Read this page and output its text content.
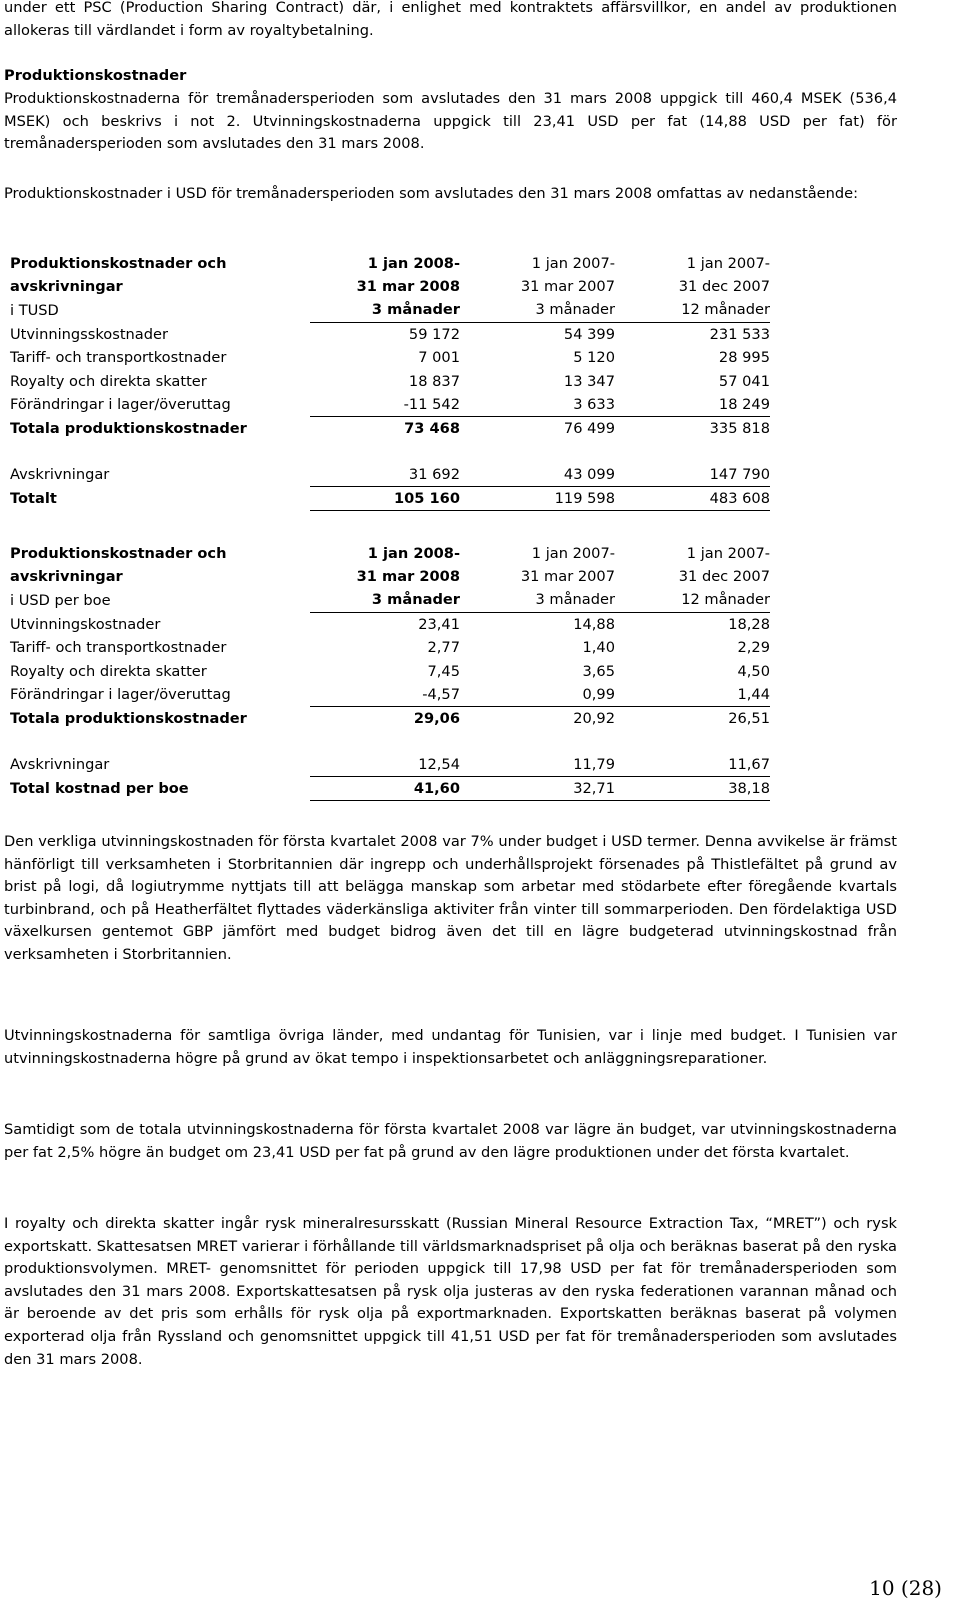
under ett PSC (Production Sharing Contract) där, i enlighet med kontraktets affärsvillkor, en andel av produktionen allokeras till värdlandet i form av royaltybetalning.

Produktionskostnader

Produktionskostnaderna för tremånadersperioden som avslutades den 31 mars 2008 uppgick till 460,4 MSEK (536,4 MSEK) och beskrivs i not 2. Utvinningskostnaderna uppgick till 23,41 USD per fat (14,88 USD per fat) för tremånadersperioden som avslutades den 31 mars 2008.

Produktionskostnader i USD för tremånadersperioden som avslutades den 31 mars 2008 omfattas av nedanstående:

Produktionskostnader och	1 jan 2008-	1 jan 2007-	1 jan 2007-
avskrivningar	31 mar 2008	31 mar 2007	31 dec 2007
i TUSD	3 månader	3 månader	12 månader
Utvinningsskostnader	59 172	54 399	231 533
Tariff- och transportkostnader	7 001	5 120	28 995
Royalty och direkta skatter	18 837	13 347	57 041
Förändringar i lager/överuttag	-11 542	3 633	18 249
Totala produktionskostnader	73 468	76 499	335 818

Avskrivningar	31 692	43 099	147 790
Totalt	105 160	119 598	483 608
Produktionskostnader och	1 jan 2008-	1 jan 2007-	1 jan 2007-
avskrivningar	31 mar 2008	31 mar 2007	31 dec 2007
i USD per boe	3 månader	3 månader	12 månader
Utvinningskostnader	23,41	14,88	18,28
Tariff- och transportkostnader	2,77	1,40	2,29
Royalty och direkta skatter	7,45	3,65	4,50
Förändringar i lager/överuttag	-4,57	0,99	1,44
Totala produktionskostnader	29,06	20,92	26,51

Avskrivningar	12,54	11,79	11,67
Total kostnad per boe	41,60	32,71	38,18

Den verkliga utvinningskostnaden för första kvartalet 2008 var 7% under budget i USD termer. Denna avvikelse är främst hänförligt till verksamheten i Storbritannien där ingrepp och underhållsprojekt försenades på Thistlefältet på grund av brist på logi, då logiutrymme nyttjats till att belägga manskap som arbetar med stödarbete efter föregående kvartals turbinbrand, och på Heatherfältet flyttades väderkänsliga aktiviter från vinter till sommarperioden. Den fördelaktiga USD växelkursen gentemot GBP jämfört med budget bidrog även det till en lägre budgeterad utvinningskostnad från verksamheten i Storbritannien.

Utvinningskostnaderna för samtliga övriga länder, med undantag för Tunisien, var i linje med budget. I Tunisien var utvinningskostnaderna högre på grund av ökat tempo i inspektionsarbetet och anläggningsreparationer.

Samtidigt som de totala utvinningskostnaderna för första kvartalet 2008 var lägre än budget, var utvinningskostnaderna per fat 2,5% högre än budget om 23,41 USD per fat på grund av den lägre produktionen under det första kvartalet.

I royalty och direkta skatter ingår rysk mineralresursskatt (Russian Mineral Resource Extraction Tax, “MRET”) och rysk exportskatt. Skattesatsen MRET varierar i förhållande till världsmarknadspriset på olja och beräknas baserat på den ryska produktionsvolymen. MRET- genomsnittet för perioden uppgick till 17,98 USD per fat för tremånadersperioden som avslutades den 31 mars 2008. Exportskattesatsen på rysk olja justeras av den ryska federationen varannan månad och är beroende av det pris som erhålls för rysk olja på exportmarknaden. Exportskatten beräknas baserat på volymen exporterad olja från Ryssland och genomsnittet uppgick till 41,51 USD per fat för tremånadersperioden som avslutades den 31 mars 2008.

10 (28)
